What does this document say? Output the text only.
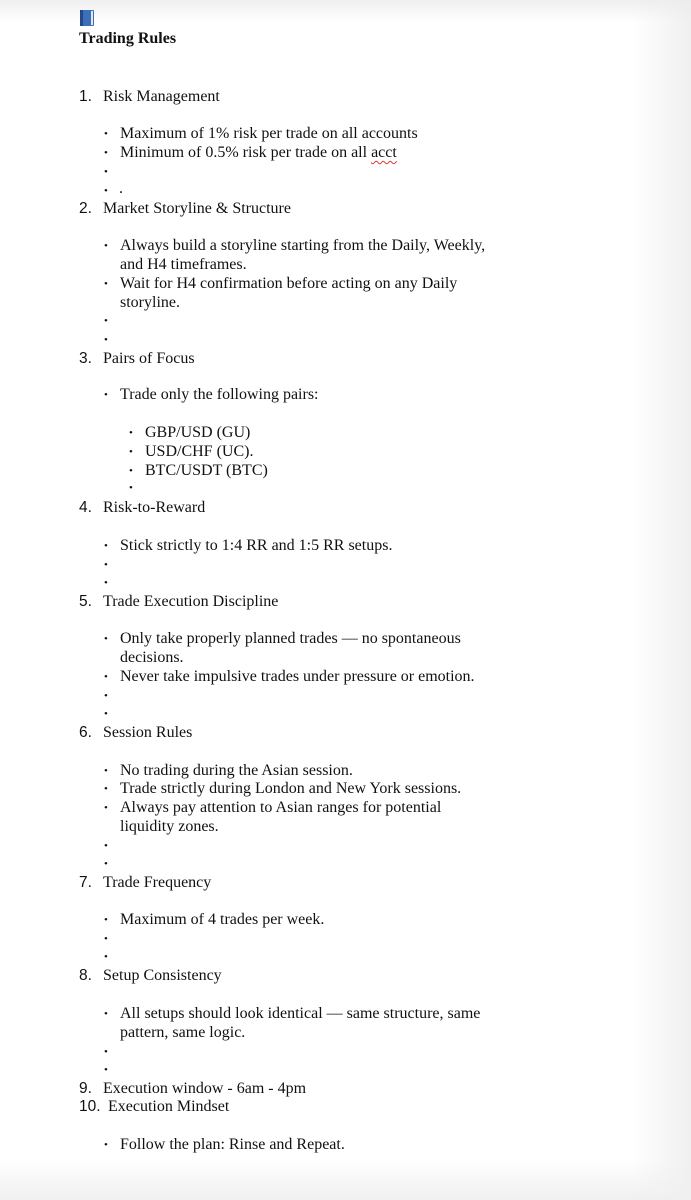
Trading Rules
1. Risk Management
• Maximum of 1% risk per trade on all accounts
• Minimum of 0.5% risk per trade on all acct
•
• .
2. Market Storyline & Structure
• Always build a storyline starting from the Daily, Weekly,
and H4 timeframes.
• Wait for H4 confirmation before acting on any Daily
storyline.
•
•
3. Pairs of Focus
• Trade only the following pairs:
• GBP/USD (GU)
• USD/CHF (UC).
• BTC/USDT (BTC)
•
4. Risk-to-Reward
• Stick strictly to 1:4 RR and 1:5 RR setups.
•
•
5. Trade Execution Discipline
• Only take properly planned trades — no spontaneous
decisions.
• Never take impulsive trades under pressure or emotion.
•
•
6. Session Rules
• No trading during the Asian session.
• Trade strictly during London and New York sessions.
• Always pay attention to Asian ranges for potential
liquidity zones.
•
•
7. Trade Frequency
• Maximum of 4 trades per week.
•
•
8. Setup Consistency
• All setups should look identical — same structure, same
pattern, same logic.
•
•
9. Execution window - 6am - 4pm
10. Execution Mindset
• Follow the plan: Rinse and Repeat.
